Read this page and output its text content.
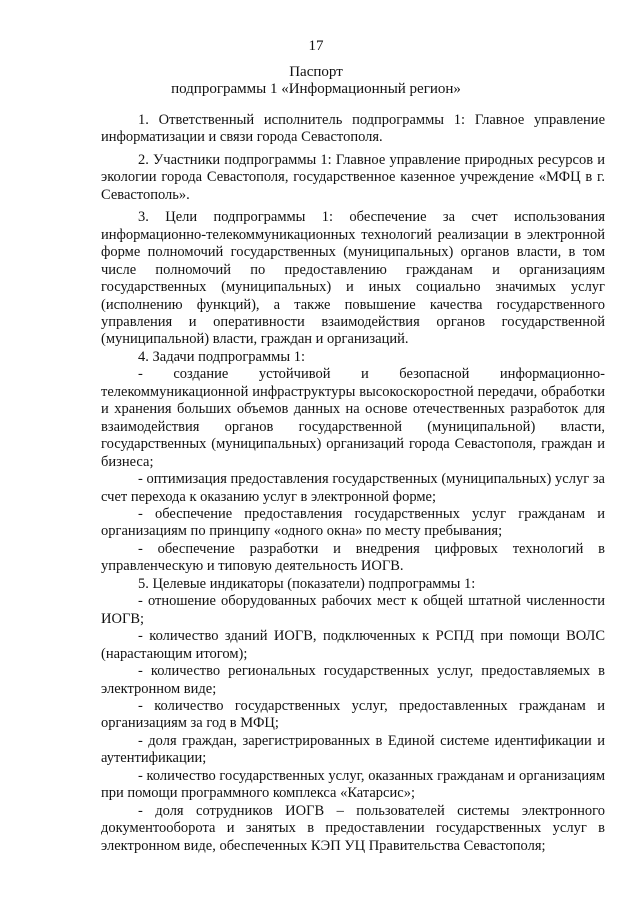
17
Паспорт
подпрограммы 1 «Информационный регион»

1. Ответственный исполнитель подпрограммы 1: Главное управление информатизации и связи города Севастополя.

2. Участники подпрограммы 1: Главное управление природных ресурсов и экологии города Севастополя, государственное казенное учреждение «МФЦ в г. Севастополь».

3. Цели подпрограммы 1: обеспечение за счет использования информационно-телекоммуникационных технологий реализации в электронной форме полномочий государственных (муниципальных) органов власти, в том числе полномочий по предоставлению гражданам и организациям государственных (муниципальных) и иных социально значимых услуг (исполнению функций), а также повышение качества государственного управления и оперативности взаимодействия органов государственной (муниципальной) власти, граждан и организаций.

4. Задачи подпрограммы 1:

- создание устойчивой и безопасной информационно-телекоммуникационной инфраструктуры высокоскоростной передачи, обработки и хранения больших объемов данных на основе отечественных разработок для взаимодействия органов государственной (муниципальной) власти, государственных (муниципальных) организаций города Севастополя, граждан и бизнеса;

- оптимизация предоставления государственных (муниципальных) услуг за счет перехода к оказанию услуг в электронной форме;

- обеспечение предоставления государственных услуг гражданам и организациям по принципу «одного окна» по месту пребывания;

- обеспечение разработки и внедрения цифровых технологий в управленческую и типовую деятельность ИОГВ.

5. Целевые индикаторы (показатели) подпрограммы 1:

- отношение оборудованных рабочих мест к общей штатной численности ИОГВ;

- количество зданий ИОГВ, подключенных к РСПД при помощи ВОЛС (нарастающим итогом);

- количество региональных государственных услуг, предоставляемых в электронном виде;

- количество государственных услуг, предоставленных гражданам и организациям за год в МФЦ;

- доля граждан, зарегистрированных в Единой системе идентификации и аутентификации;

- количество государственных услуг, оказанных гражданам и организациям при помощи программного комплекса «Катарсис»;

- доля сотрудников ИОГВ – пользователей системы электронного документооборота и занятых в предоставлении государственных услуг в электронном виде, обеспеченных КЭП УЦ Правительства Севастополя;
